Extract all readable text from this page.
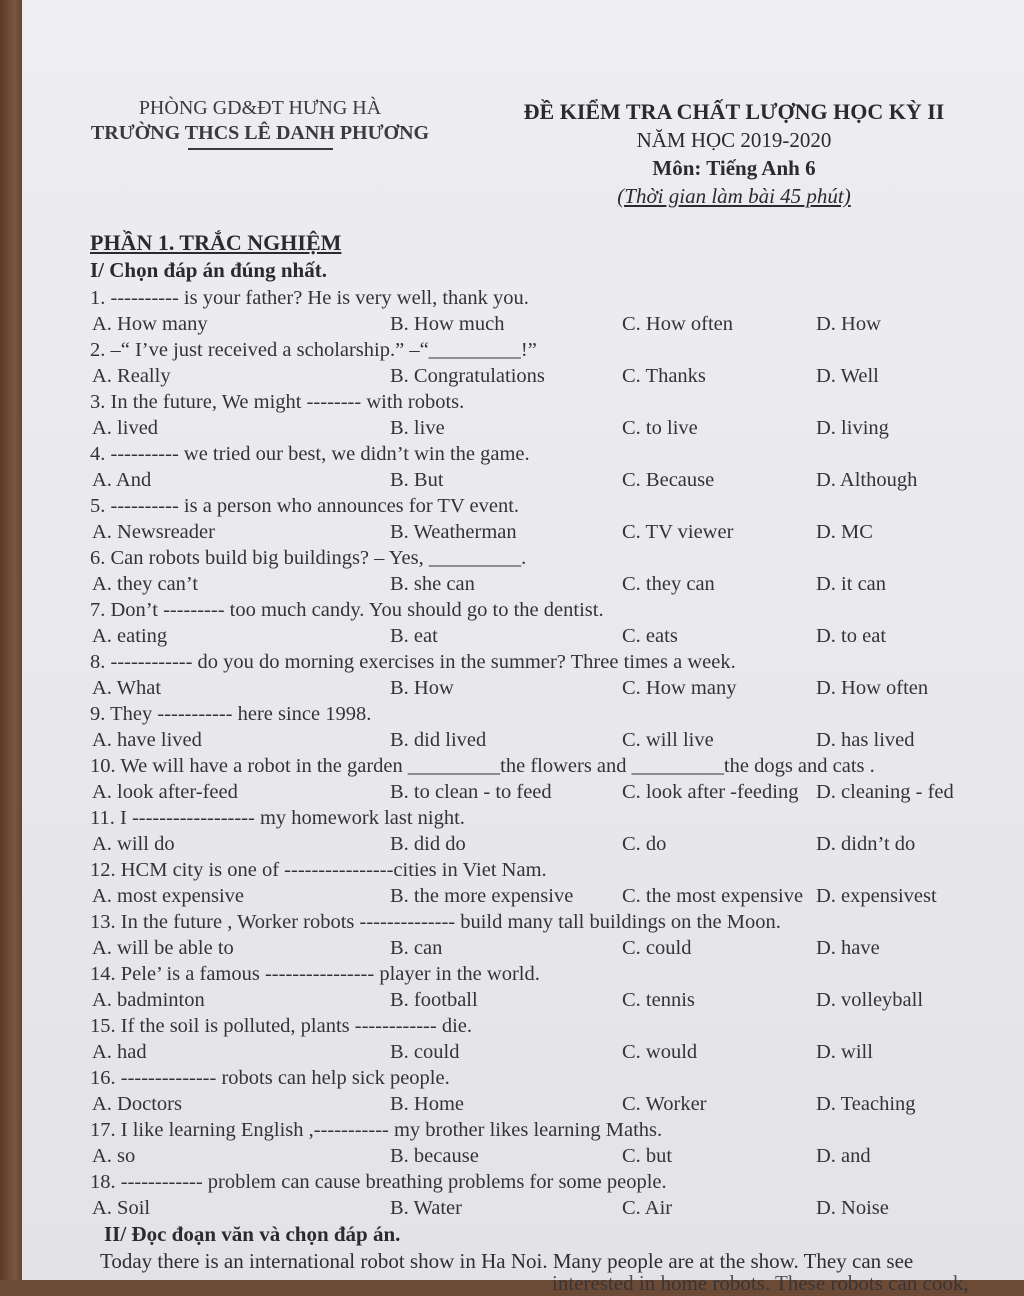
PHÒNG GD&ĐT HƯNG HÀ
TRƯỜNG THCS LÊ DANH PHƯƠNG
ĐỀ KIỂM TRA CHẤT LƯỢNG HỌC KỲ II
NĂM HỌC 2019-2020
Môn: Tiếng Anh 6
(Thời gian làm bài 45 phút)
PHẦN 1. TRẮC NGHIỆM
I/ Chọn đáp án đúng nhất.
1. ---------- is your father? He is very well, thank you.
A. How many	B. How much	C. How often	D. How
2. –“ I’ve just received a scholarship.” –“_________!”
A. Really	B. Congratulations	C. Thanks	D. Well
3. In the future, We might -------- with robots.
A. lived	B. live	C. to live	D. living
4. ---------- we tried our best, we didn’t win the game.
A. And	B. But	C. Because	D. Although
5. ---------- is a person who announces for TV event.
A. Newsreader	B. Weatherman	C. TV viewer	D. MC
6. Can robots build big buildings? – Yes, _________.
A. they can’t	B. she can	C. they can	D. it can
7. Don’t --------- too much candy. You should go to the dentist.
A. eating	B. eat	C. eats	D. to eat
8. ------------ do you do morning exercises in the summer? Three times a week.
A. What	B. How	C. How many	D. How often
9. They ----------- here since 1998.
A. have lived	B. did lived	C. will live	D. has lived
10. We will have a robot in the garden _________the flowers and _________the dogs and cats .
A. look after-feed	B. to clean - to feed	C. look after -feeding D. cleaning - fed
11. I ------------------ my homework last night.
A. will do	B. did do	C. do	D. didn’t do
12. HCM city is one of ----------------cities in Viet Nam.
A. most expensive	B. the more expensive C. the most expensive D. expensivest
13. In the future , Worker robots -------------- build many tall buildings on the Moon.
A. will be able to	B. can	C. could	D. have
14. Pele’ is a famous ---------------- player in the world.
A. badminton	B. football	C. tennis	D. volleyball
15. If the soil is polluted, plants ------------ die.
A. had	B. could	C. would	D. will
16. -------------- robots can help sick people.
A. Doctors	B. Home	C. Worker	D. Teaching
17. I like learning English ,----------- my brother likes learning Maths.
A. so	B. because	C. but	D. and
18. ------------ problem can cause breathing problems for some people.
A. Soil	B. Water	C. Air	D. Noise
II/ Đọc đoạn văn và chọn đáp án.
Today there is an international robot show in Ha Noi. Many people are at the show. They can see
interested in home robots. These robots can cook,
